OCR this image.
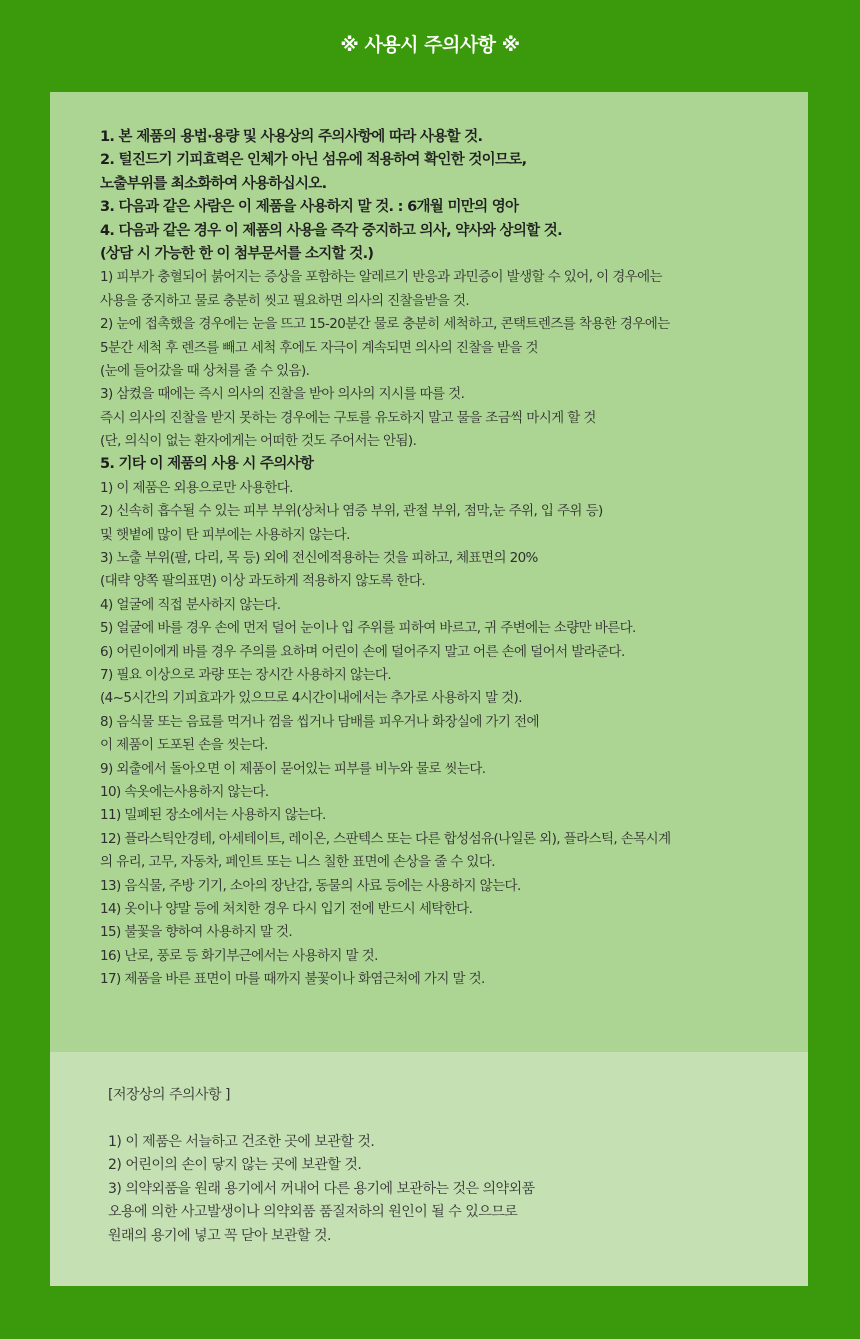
※ 사용시 주의사항 ※
1. 본 제품의 용법·용량 및 사용상의 주의사항에 따라 사용할 것.
2. 털진드기 기피효력은 인체가 아닌 섬유에 적용하여 확인한 것이므로,
노출부위를 최소화하여 사용하십시오.
3. 다음과 같은 사람은 이 제품을 사용하지 말 것. : 6개월 미만의 영아
4. 다음과 같은 경우 이 제품의 사용을 즉각 중지하고 의사, 약사와 상의할 것.
(상담 시 가능한 한 이 첨부문서를 소지할 것.)
1) 피부가 충혈되어 붉어지는 증상을 포함하는 알레르기 반응과 과민증이 발생할 수 있어, 이 경우에는
사용을 중지하고 물로 충분히 씻고 필요하면 의사의 진찰을받을 것.
2) 눈에 접촉했을 경우에는 눈을 뜨고 15-20분간 물로 충분히 세척하고, 콘택트렌즈를 착용한 경우에는
5분간 세척 후 렌즈를 빼고 세척 후에도 자극이 계속되면 의사의 진찰을 받을 것
(눈에 들어갔을 때 상처를 줄 수 있음).
3) 삼켰을 때에는 즉시 의사의 진찰을 받아 의사의 지시를 따를 것.
즉시 의사의 진찰을 받지 못하는 경우에는 구토를 유도하지 말고 물을 조금씩 마시게 할 것
(단, 의식이 없는 환자에게는 어떠한 것도 주어서는 안됨).
5. 기타 이 제품의 사용 시 주의사항
1) 이 제품은 외용으로만 사용한다.
2) 신속히 흡수될 수 있는 피부 부위(상처나 염증 부위, 관절 부위, 점막,눈 주위, 입 주위 등)
및 햇볕에 많이 탄 피부에는 사용하지 않는다.
3) 노출 부위(팔, 다리, 목 등) 외에 전신에적용하는 것을 피하고, 체표면의 20%
(대략 양쪽 팔의표면) 이상 과도하게 적용하지 않도록 한다.
4) 얼굴에 직접 분사하지 않는다.
5) 얼굴에 바를 경우 손에 먼저 덜어 눈이나 입 주위를 피하여 바르고, 귀 주변에는 소량만 바른다.
6) 어린이에게 바를 경우 주의를 요하며 어린이 손에 덜어주지 말고 어른 손에 덜어서 발라준다.
7) 필요 이상으로 과량 또는 장시간 사용하지 않는다.
(4~5시간의 기피효과가 있으므로 4시간이내에서는 추가로 사용하지 말 것).
8) 음식물 또는 음료를 먹거나 껌을 씹거나 담배를 피우거나 화장실에 가기 전에
이 제품이 도포된 손을 씻는다.
9) 외출에서 돌아오면 이 제품이 묻어있는 피부를 비누와 물로 씻는다.
10) 속옷에는사용하지 않는다.
11) 밀폐된 장소에서는 사용하지 않는다.
12) 플라스틱안경테, 아세테이트, 레이온, 스판텍스 또는 다른 합성섬유(나일론 외), 플라스틱, 손목시계
의 유리, 고무, 자동차, 페인트 또는 니스 칠한 표면에 손상을 줄 수 있다.
13) 음식물, 주방 기기, 소아의 장난감, 동물의 사료 등에는 사용하지 않는다.
14) 옷이나 양말 등에 처치한 경우 다시 입기 전에 반드시 세탁한다.
15) 불꽃을 향하여 사용하지 말 것.
16) 난로, 풍로 등 화기부근에서는 사용하지 말 것.
17) 제품을 바른 표면이 마를 때까지 불꽃이나 화염근처에 가지 말 것.
[저장상의 주의사항 ]
1) 이 제품은 서늘하고 건조한 곳에 보관할 것.
2) 어린이의 손이 닿지 않는 곳에 보관할 것.
3) 의약외품을 원래 용기에서 꺼내어 다른 용기에 보관하는 것은 의약외품
오용에 의한 사고발생이나 의약외품 품질저하의 원인이 될 수 있으므로
원래의 용기에 넣고 꼭 닫아 보관할 것.
